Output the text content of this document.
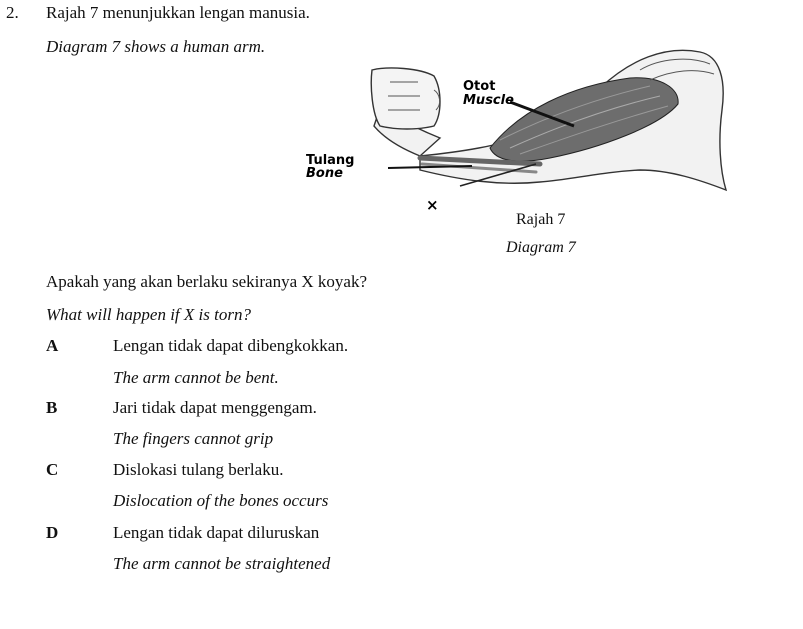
2. Rajah 7 menunjukkan lengan manusia.
Diagram 7 shows a human arm.
Otot
Muscle
Tulang
Bone
×
Rajah 7
Diagram 7
Apakah yang akan berlaku sekiranya X koyak?
What will happen if X is torn?
A	Lengan tidak dapat dibengkokkan.
The arm cannot be bent.
B	Jari tidak dapat menggengam.
The fingers cannot grip
C	Dislokasi tulang berlaku.
Dislocation of the bones occurs
D	Lengan tidak dapat diluruskan
The arm cannot be straightened
